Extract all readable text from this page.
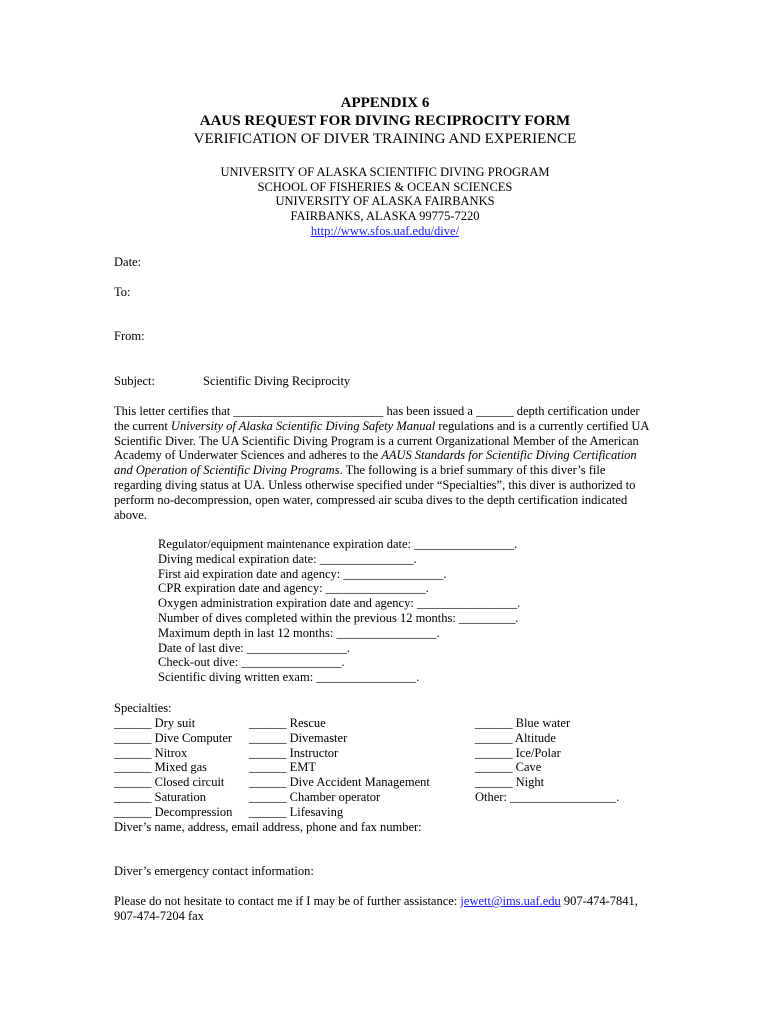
APPENDIX 6
AAUS REQUEST FOR DIVING RECIPROCITY FORM
VERIFICATION OF DIVER TRAINING AND EXPERIENCE
UNIVERSITY OF ALASKA SCIENTIFIC DIVING PROGRAM
SCHOOL OF FISHERIES & OCEAN SCIENCES
UNIVERSITY OF ALASKA FAIRBANKS
FAIRBANKS, ALASKA 99775-7220
http://www.sfos.uaf.edu/dive/
Date:
To:
From:
Subject:	Scientific Diving Reciprocity
This letter certifies that ________________________ has been issued a ______ depth certification under the current University of Alaska Scientific Diving Safety Manual regulations and is a currently certified UA Scientific Diver. The UA Scientific Diving Program is a current Organizational Member of the American Academy of Underwater Sciences and adheres to the AAUS Standards for Scientific Diving Certification and Operation of Scientific Diving Programs. The following is a brief summary of this diver’s file regarding diving status at UA. Unless otherwise specified under “Specialties”, this diver is authorized to perform no-decompression, open water, compressed air scuba dives to the depth certification indicated above.
Regulator/equipment maintenance expiration date: ________________.
Diving medical expiration date: _______________.
First aid expiration date and agency: ________________.
CPR expiration date and agency: ________________.
Oxygen administration expiration date and agency: ________________.
Number of dives completed within the previous 12 months: _________.
Maximum depth in last 12 months: ________________.
Date of last dive: ________________.
Check-out dive: ________________.
Scientific diving written exam: ________________.
Specialties:
______ Dry suit
______ Dive Computer
______ Nitrox
______ Mixed gas
______ Closed circuit
______ Saturation
______ Decompression
______ Rescue
______ Divemaster
______ Instructor
______ EMT
______ Dive Accident Management
______ Chamber operator
______ Lifesaving
______ Blue water
______ Altitude
______ Ice/Polar
______ Cave
______ Night
Other: _________________.
Diver’s name, address, email address, phone and fax number:
Diver’s emergency contact information:
Please do not hesitate to contact me if I may be of further assistance: jewett@ims.uaf.edu 907-474-7841,
907-474-7204 fax
